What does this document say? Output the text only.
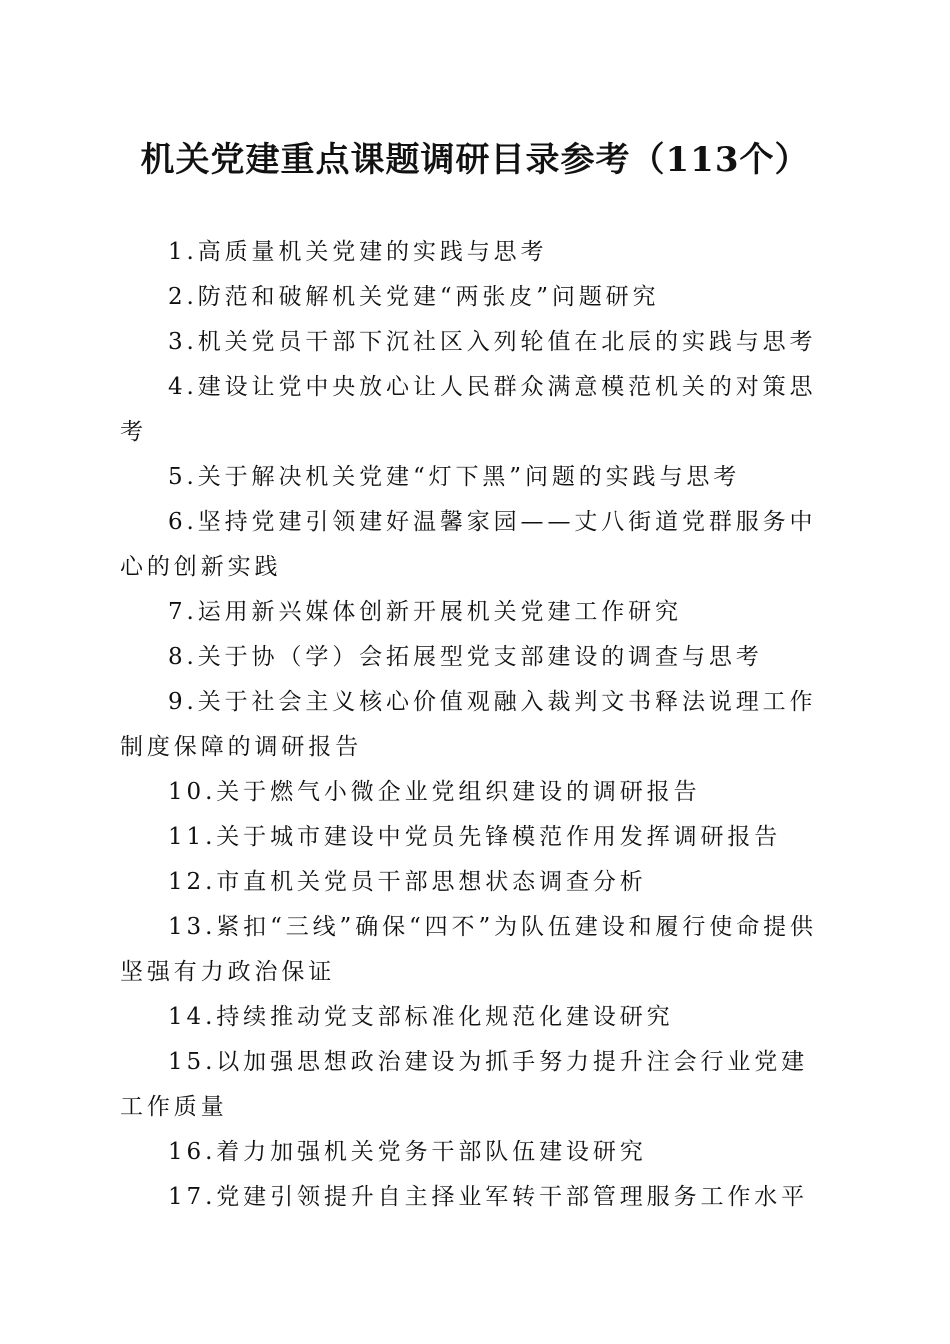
机关党建重点课题调研目录参考（113个）
1.高质量机关党建的实践与思考
2.防范和破解机关党建“两张皮”问题研究
3.机关党员干部下沉社区入列轮值在北辰的实践与思考
4.建设让党中央放心让人民群众满意模范机关的对策思考
5.关于解决机关党建“灯下黑”问题的实践与思考
6.坚持党建引领建好温馨家园——丈八街道党群服务中心的创新实践
7.运用新兴媒体创新开展机关党建工作研究
8.关于协（学）会拓展型党支部建设的调查与思考
9.关于社会主义核心价值观融入裁判文书释法说理工作制度保障的调研报告
10.关于燃气小微企业党组织建设的调研报告
11.关于城市建设中党员先锋模范作用发挥调研报告
12.市直机关党员干部思想状态调查分析
13.紧扣“三线”确保“四不”为队伍建设和履行使命提供坚强有力政治保证
14.持续推动党支部标准化规范化建设研究
15.以加强思想政治建设为抓手努力提升注会行业党建工作质量
16.着力加强机关党务干部队伍建设研究
17.党建引领提升自主择业军转干部管理服务工作水平
